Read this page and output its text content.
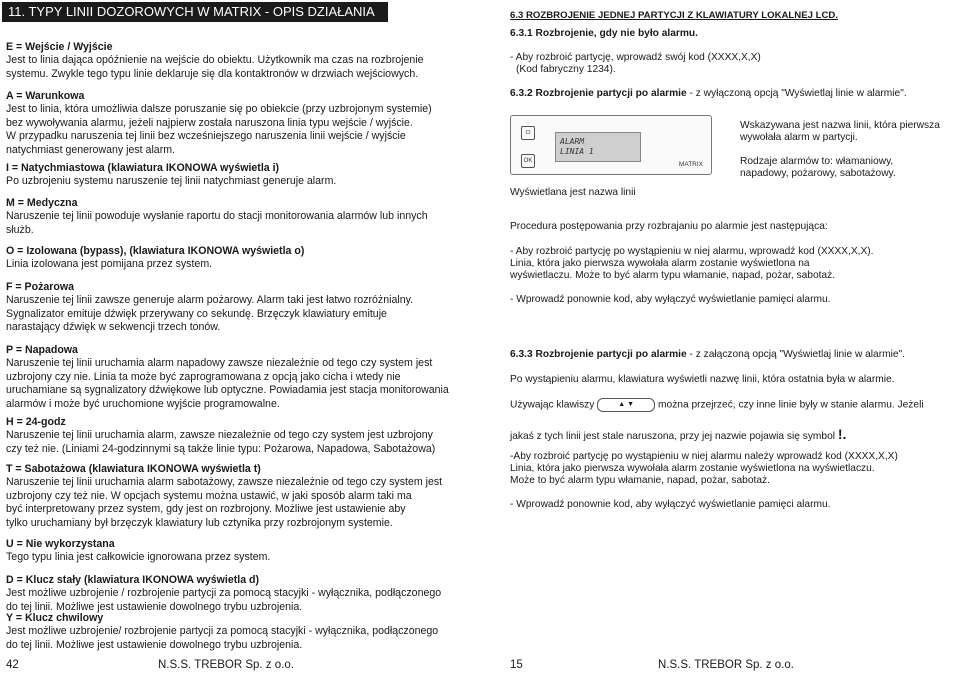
11. TYPY LINII DOZOROWYCH W MATRIX - OPIS DZIAŁANIA
E = Wejście / Wyjście
Jest to linia dająca opóźnienie na wejście do obiektu. Użytkownik ma czas na rozbrojenie
systemu. Zwykle tego typu linie deklaruje się dla kontaktronów w drzwiach wejściowych.
A = Warunkowa
Jest to linia, która umożliwia dalsze poruszanie się po obiekcie (przy uzbrojonym systemie)
bez wywoływania alarmu, jeżeli najpierw została naruszona linia typu wejście / wyjście.
W przypadku naruszenia tej linii bez wcześniejszego naruszenia linii wejście / wyjście
natychmiast generowany jest alarm.
I = Natychmiastowa (klawiatura IKONOWA wyświetla i)
Po uzbrojeniu systemu naruszenie tej linii natychmiast generuje alarm.
M = Medyczna
Naruszenie tej linii powoduje wysłanie raportu do stacji monitorowania alarmów lub innych
służb.
O = Izolowana (bypass), (klawiatura IKONOWA wyświetla o)
Linia izolowana jest pomijana przez system.
F = Pożarowa
Naruszenie tej linii zawsze generuje alarm pożarowy. Alarm taki jest łatwo rozróżnialny.
Sygnalizator emituje dźwięk przerywany co sekundę. Brzęczyk klawiatury emituje
narastający dźwięk w sekwencji trzech tonów.
P = Napadowa
Naruszenie tej linii uruchamia alarm napadowy zawsze niezależnie od tego czy system jest
uzbrojony czy nie. Linia ta może być zaprogramowana z opcją jako cicha i wtedy nie
uruchamiane są sygnalizatory dźwiękowe lub optyczne. Powiadamia jest stacja monitorowania
alarmów i może być uruchomione wyjście programowalne.
H = 24-godz
Naruszenie tej linii uruchamia alarm, zawsze niezależnie od tego czy system jest uzbrojony
czy też nie. (Liniami 24-godzinnymi są także linie typu: Pożarowa, Napadowa, Sabotażowa)
T = Sabotażowa (klawiatura IKONOWA wyświetla t)
Naruszenie tej linii uruchamia alarm sabotażowy, zawsze niezależnie od tego czy system jest
uzbrojony czy też nie. W opcjach systemu można ustawić, w jaki sposób alarm taki ma
być interpretowany przez system, gdy jest on rozbrojony. Możliwe jest ustawienie aby
tylko uruchamiany był brzęczyk klawiatury lub cztynika przy rozbrojonym systemie.
U = Nie wykorzystana
Tego typu linia jest całkowicie ignorowana przez system.
D = Klucz stały (klawiatura IKONOWA wyświetla d)
Jest możliwe uzbrojenie / rozbrojenie partycji za pomocą stacyjki - wyłącznika, podłączonego
do tej linii. Możliwe jest ustawienie dowolnego trybu uzbrojenia.
Y = Klucz chwilowy
Jest możliwe uzbrojenie/ rozbrojenie partycji za pomocą stacyjki - wyłącznika, podłączonego
do tej linii. Możliwe jest ustawienie dowolnego trybu uzbrojenia.
42	N.S.S. TREBOR Sp. z o.o.
6.3 ROZBROJENIE JEDNEJ PARTYCJI Z KLAWIATURY LOKALNEJ LCD.
6.3.1 Rozbrojenie, gdy nie było alarmu.
- Aby rozbroić partycję, wprowadź swój kod (XXXX,X,X)
(Kod fabryczny 1234).
6.3.2 Rozbrojenie partycji po alarmie - z wyłączoną opcją "Wyświetlaj linie w alarmie".
⏻
OK
ALARM
LINIA 1
MATRIX
Wyświetlana jest nazwa linii
Wskazywana jest nazwa linii, która pierwsza
wywołała alarm w partycji.
Rodzaje alarmów to: włamaniowy,
napadowy, pożarowy, sabotażowy.
Procedura postępowania przy rozbrajaniu po alarmie jest następująca:
- Aby rozbroić partycję po wystąpieniu w niej alarmu, wprowadź kod (XXXX,X,X).
Linia, która jako pierwsza wywołała alarm zostanie wyświetlona na
wyświetlaczu. Może to być alarm typu włamanie, napad, pożar, sabotaż.
- Wprowadź ponownie kod, aby wyłączyć wyświetlanie pamięci alarmu.
6.3.3 Rozbrojenie partycji po alarmie - z załączoną opcją "Wyświetlaj linie w alarmie".
Po wystąpieniu alarmu, klawiatura wyświetli nazwę linii, która ostatnia była w alarmie.
Używając klawiszy	▲ ▼ można przejrzeć, czy inne linie były w stanie alarmu. Jeżeli
jakaś z tych linii jest stale naruszona, przy jej nazwie pojawia się symbol !.
-Aby rozbroić partycję po wystąpieniu w niej alarmu należy wprowadź kod (XXXX,X,X)
Linia, która jako pierwsza wywołała alarm zostanie wyświetlona na wyświetlaczu.
Może to być alarm typu włamanie, napad, pożar, sabotaż.
- Wprowadź ponownie kod, aby wyłączyć wyświetlanie pamięci alarmu.
15	N.S.S. TREBOR Sp. z o.o.
